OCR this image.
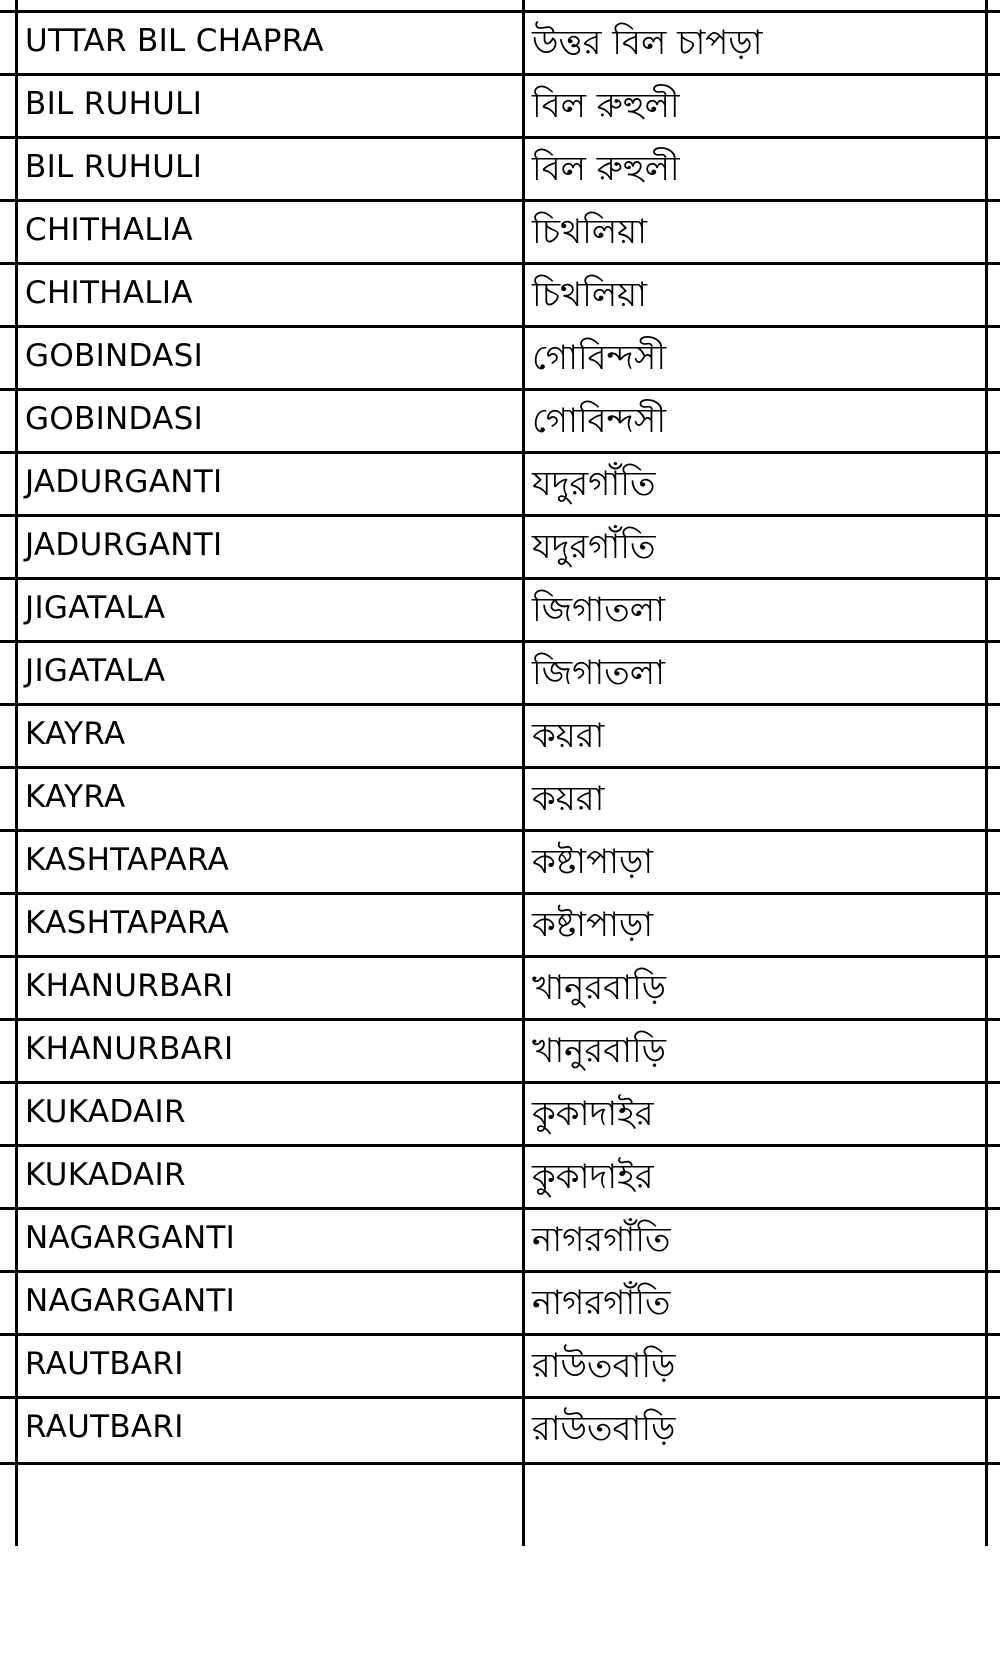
UTTAR BIL CHAPRA	উত্তর বিল চাপড়া
BIL RUHULI	বিল রুহুলী
BIL RUHULI	বিল রুহুলী
CHITHALIA	চিথলিয়া
CHITHALIA	চিথলিয়া
GOBINDASI	গোবিন্দসী
GOBINDASI	গোবিন্দসী
JADURGANTI	যদুরগাঁতি
JADURGANTI	যদুরগাঁতি
JIGATALA	জিগাতলা
JIGATALA	জিগাতলা
KAYRA	কয়রা
KAYRA	কয়রা
KASHTAPARA	কষ্টাপাড়া
KASHTAPARA	কষ্টাপাড়া
KHANURBARI	খানুরবাড়ি
KHANURBARI	খানুরবাড়ি
KUKADAIR	কুকাদাইর
KUKADAIR	কুকাদাইর
NAGARGANTI	নাগরগাঁতি
NAGARGANTI	নাগরগাঁতি
RAUTBARI	রাউতবাড়ি
RAUTBARI	রাউতবাড়ি
